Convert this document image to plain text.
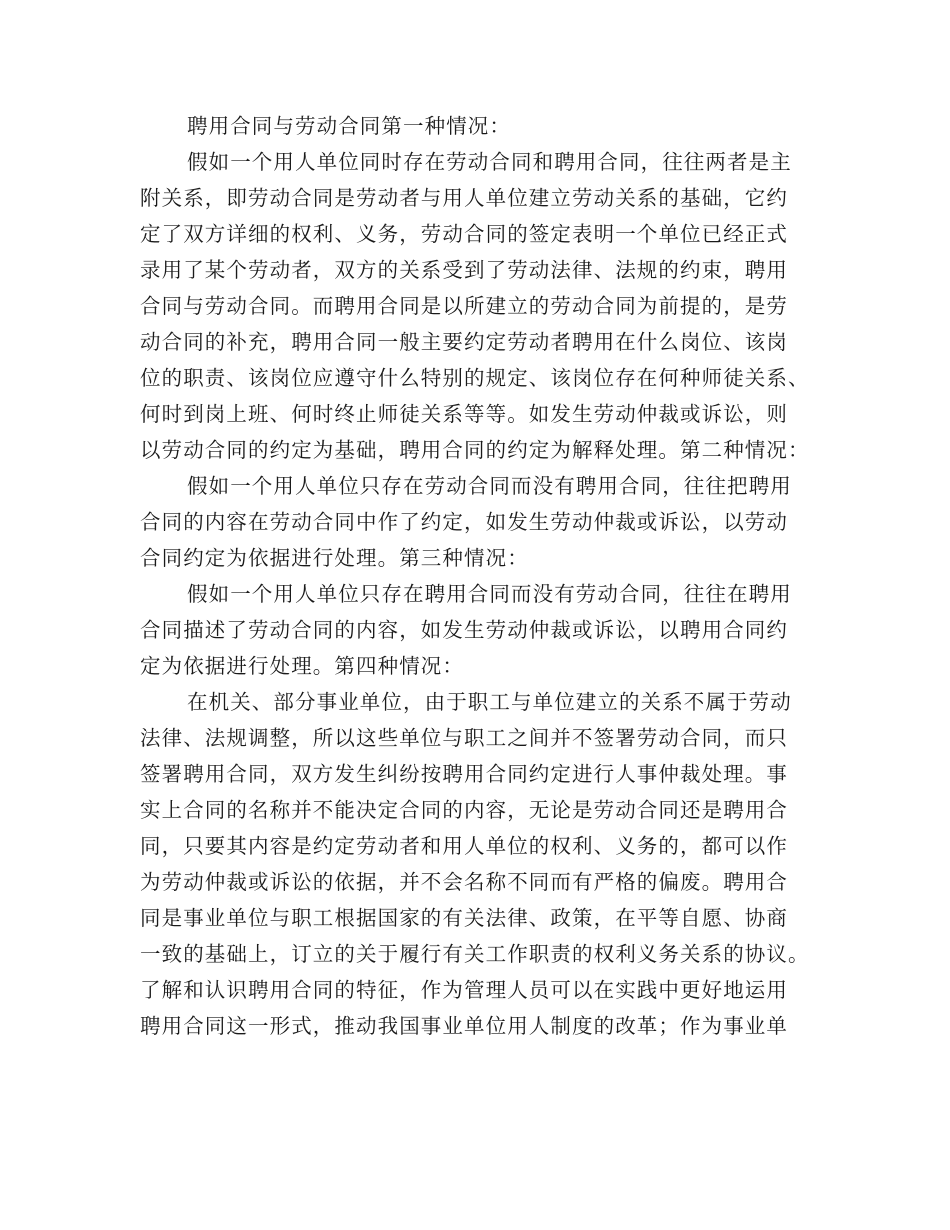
聘用合同与劳动合同第一种情况：
假如一个用人单位同时存在劳动合同和聘用合同，往往两者是主
附关系，即劳动合同是劳动者与用人单位建立劳动关系的基础，它约
定了双方详细的权利、义务，劳动合同的签定表明一个单位已经正式
录用了某个劳动者，双方的关系受到了劳动法律、法规的约束，聘用
合同与劳动合同。而聘用合同是以所建立的劳动合同为前提的，是劳
动合同的补充，聘用合同一般主要约定劳动者聘用在什么岗位、该岗
位的职责、该岗位应遵守什么特别的规定、该岗位存在何种师徒关系、
何时到岗上班、何时终止师徒关系等等。如发生劳动仲裁或诉讼，则
以劳动合同的约定为基础，聘用合同的约定为解释处理。第二种情况：
假如一个用人单位只存在劳动合同而没有聘用合同，往往把聘用
合同的内容在劳动合同中作了约定，如发生劳动仲裁或诉讼，以劳动
合同约定为依据进行处理。第三种情况：
假如一个用人单位只存在聘用合同而没有劳动合同，往往在聘用
合同描述了劳动合同的内容，如发生劳动仲裁或诉讼，以聘用合同约
定为依据进行处理。第四种情况：
在机关、部分事业单位，由于职工与单位建立的关系不属于劳动
法律、法规调整，所以这些单位与职工之间并不签署劳动合同，而只
签署聘用合同，双方发生纠纷按聘用合同约定进行人事仲裁处理。事
实上合同的名称并不能决定合同的内容，无论是劳动合同还是聘用合
同，只要其内容是约定劳动者和用人单位的权利、义务的，都可以作
为劳动仲裁或诉讼的依据，并不会名称不同而有严格的偏废。聘用合
同是事业单位与职工根据国家的有关法律、政策，在平等自愿、协商
一致的基础上，订立的关于履行有关工作职责的权利义务关系的协议。
了解和认识聘用合同的特征，作为管理人员可以在实践中更好地运用
聘用合同这一形式，推动我国事业单位用人制度的改革；作为事业单
